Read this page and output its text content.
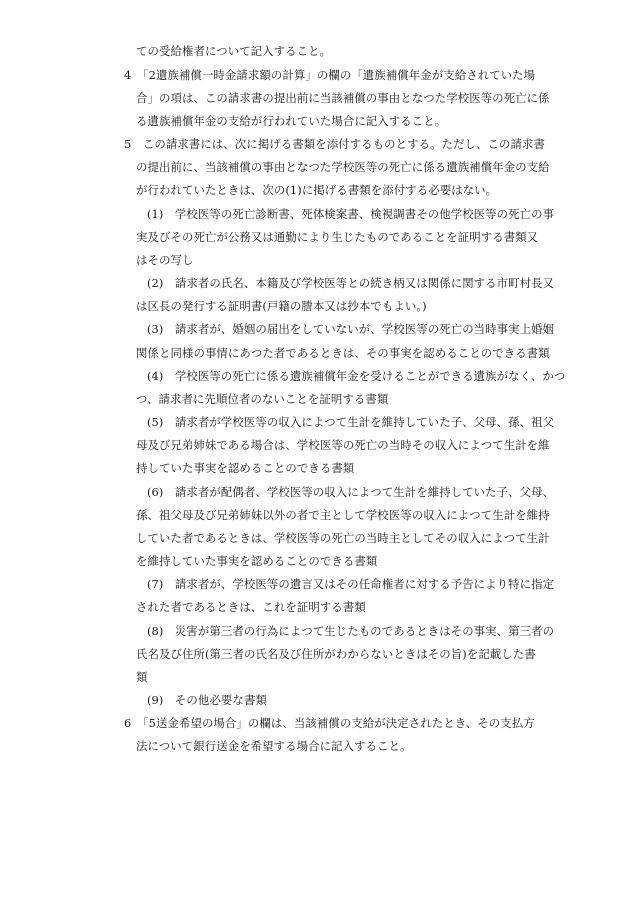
ての受給権者について記入すること。
4　「2遺族補償一時金請求額の計算」の欄の「遺族補償年金が支給されていた場
合」の項は、この請求書の提出前に当該補償の事由となつた学校医等の死亡に係
る遺族補償年金の支給が行われていた場合に記入すること。
5　この請求書には、次に掲げる書類を添付するものとする。ただし、この請求書
の提出前に、当該補償の事由となつた学校医等の死亡に係る遺族補償年金の支給
が行われていたときは、次の(1)に掲げる書類を添付する必要はない。
(1)　学校医等の死亡診断書、死体検案書、検視調書その他学校医等の死亡の事
実及びその死亡が公務又は通勤により生じたものであることを証明する書類又
はその写し
(2)　請求者の氏名、本籍及び学校医等との続き柄又は関係に関する市町村長又
は区長の発行する証明書(戸籍の謄本又は抄本でもよい。)
(3)　請求者が、婚姻の届出をしていないが、学校医等の死亡の当時事実上婚姻
関係と同様の事情にあつた者であるときは、その事実を認めることのできる書類
(4)　学校医等の死亡に係る遺族補償年金を受けることができる遺族がなく、かつ
つ、請求者に先順位者のないことを証明する書類
(5)　請求者が学校医等の収入によつて生計を維持していた子、父母、孫、祖父
母及び兄弟姉妹である場合は、学校医等の死亡の当時その収入によつて生計を維
持していた事実を認めることのできる書類
(6)　請求者が配偶者、学校医等の収入によつて生計を維持していた子、父母、
孫、祖父母及び兄弟姉妹以外の者で主として学校医等の収入によつて生計を維持
していた者であるときは、学校医等の死亡の当時主としてその収入によつて生計
を維持していた事実を認めることのできる書類
(7)　請求者が、学校医等の遺言又はその任命権者に対する予告により特に指定
された者であるときは、これを証明する書類
(8)　災害が第三者の行為によつて生じたものであるときはその事実、第三者の
氏名及び住所(第三者の氏名及び住所がわからないときはその旨)を記載した書
類
(9)　その他必要な書類
6　「5送金希望の場合」の欄は、当該補償の支給が決定されたとき、その支払方
法について銀行送金を希望する場合に記入すること。
